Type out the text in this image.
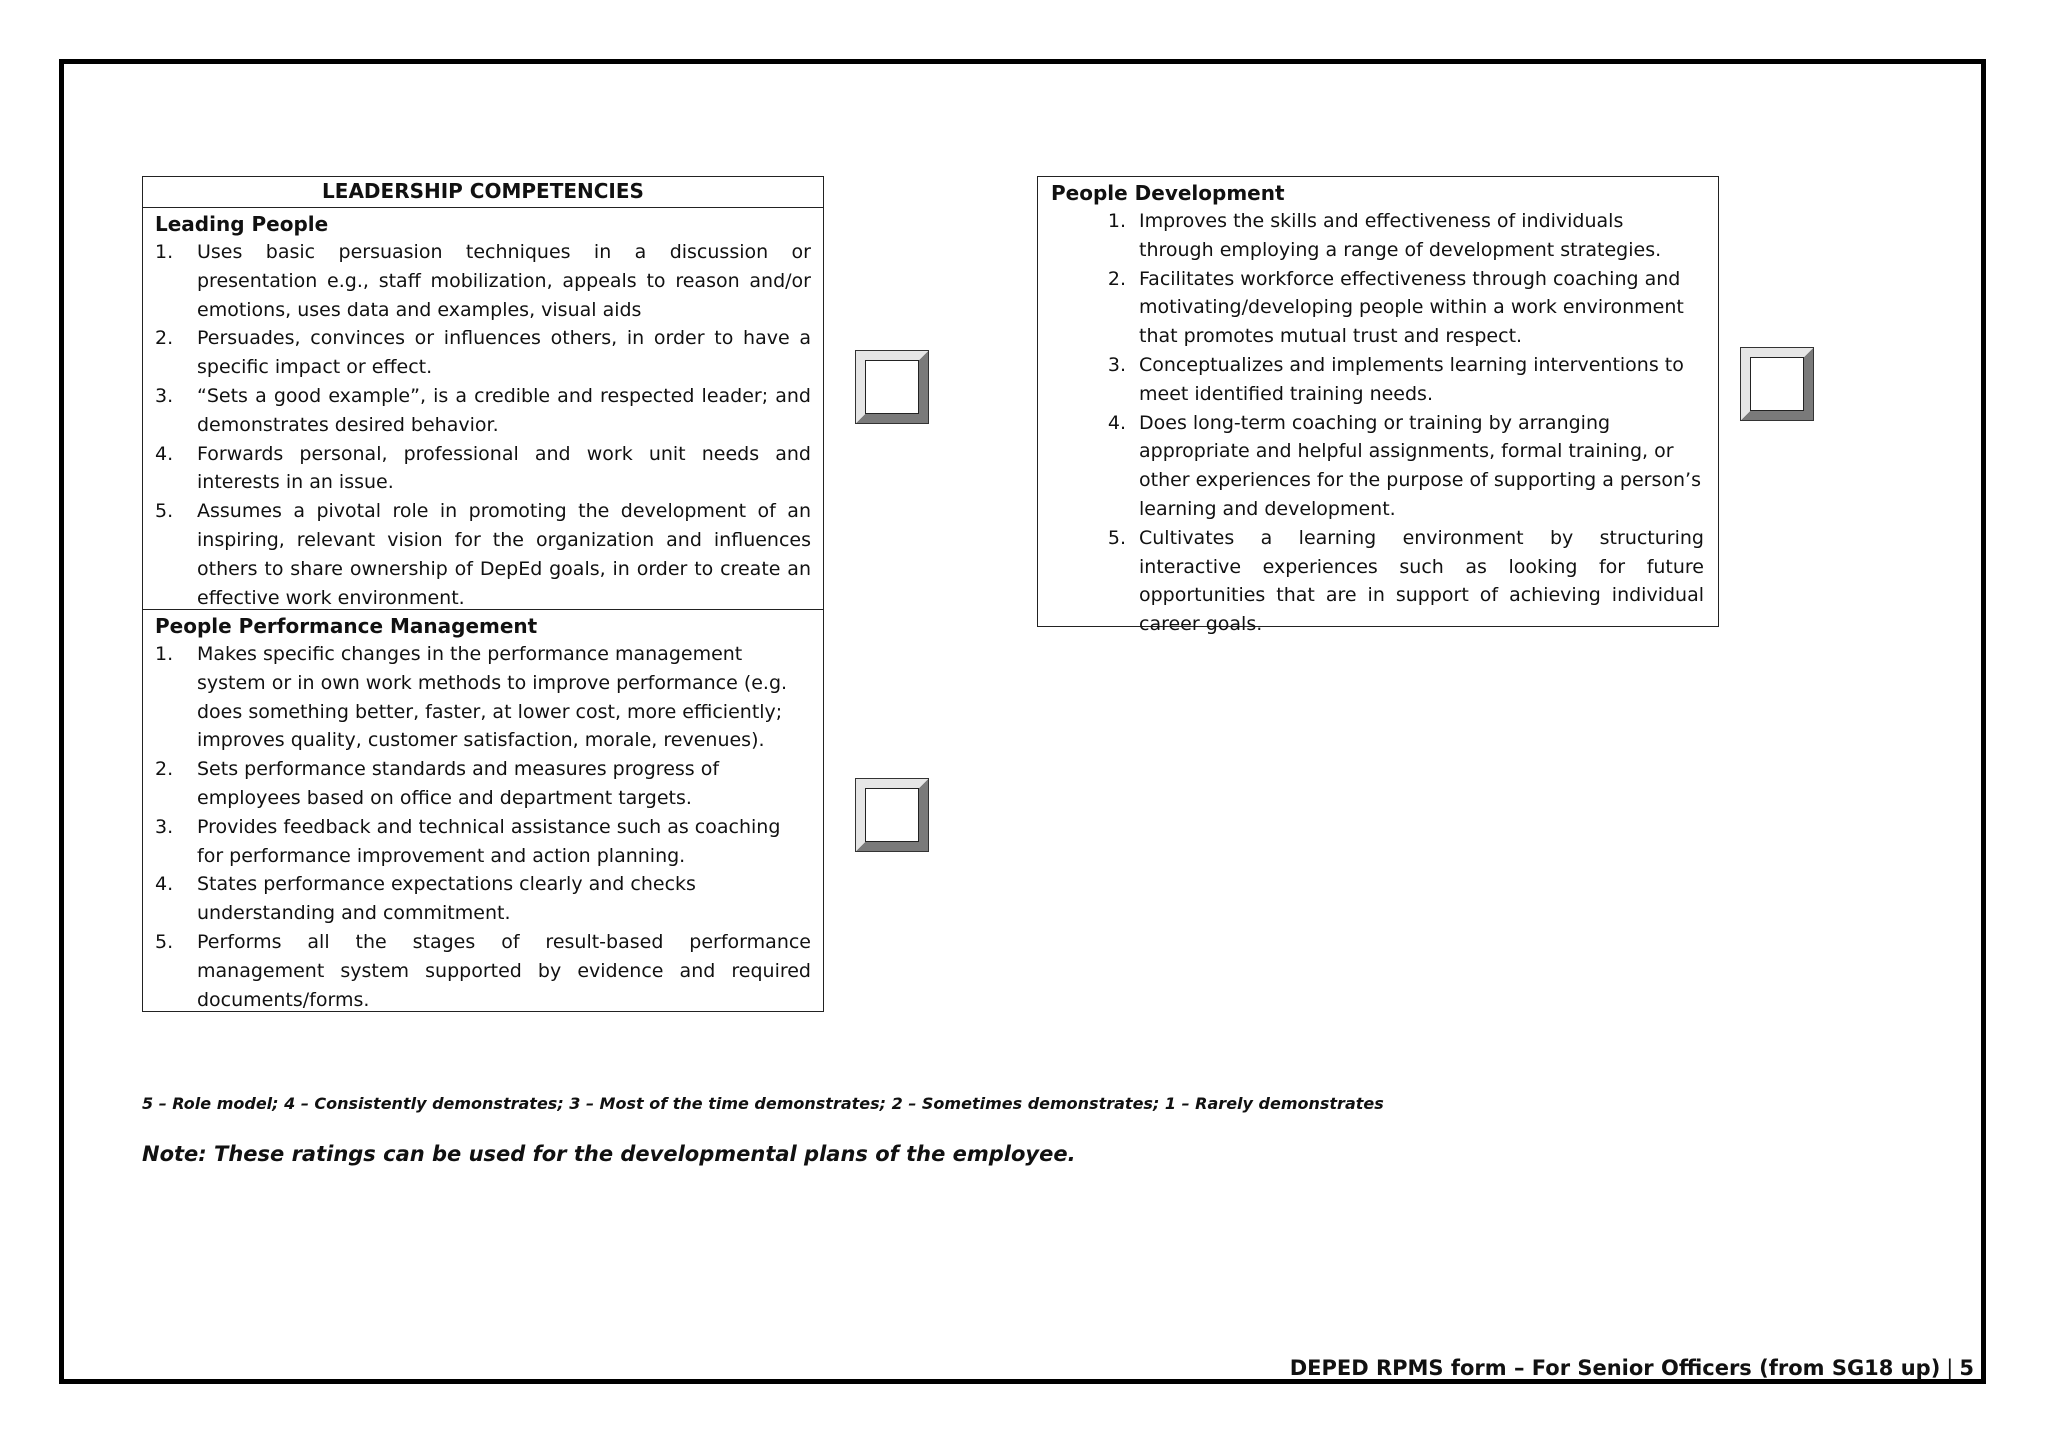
LEADERSHIP COMPETENCIES
Leading People
1.	Uses basic persuasion techniques in a discussion or presentation e.g., staff mobilization, appeals to reason and/or emotions, uses data and examples, visual aids
2.	Persuades, convinces or influences others, in order to have a specific impact or effect.
3.	“Sets a good example”, is a credible and respected leader; and demonstrates desired behavior.
4.	Forwards personal, professional and work unit needs and interests in an issue.
5.	Assumes a pivotal role in promoting the development of an inspiring, relevant vision for the organization and influences others to share ownership of DepEd goals, in order to create an effective work environment.
People Performance Management
1.	Makes specific changes in the performance management system or in own work methods to improve performance (e.g. does something better, faster, at lower cost, more efficiently; improves quality, customer satisfaction, morale, revenues).
2.	Sets performance standards and measures progress of employees based on office and department targets.
3.	Provides feedback and technical assistance such as coaching for performance improvement and action planning.
4.	States performance expectations clearly and checks understanding and commitment.
5.	Performs all the stages of result-based performance management system supported by evidence and required documents/forms.
People Development
1. Improves the skills and effectiveness of individuals through employing a range of development strategies.
2. Facilitates workforce effectiveness through coaching and motivating/developing people within a work environment that promotes mutual trust and respect.
3. Conceptualizes and implements learning interventions to meet identified training needs.
4. Does long-term coaching or training by arranging appropriate and helpful assignments, formal training, or other experiences for the purpose of supporting a person’s learning and development.
5. Cultivates a learning environment by structuring interactive experiences such as looking for future opportunities that are in support of achieving individual career goals.
5 – Role model; 4 – Consistently demonstrates; 3 – Most of the time demonstrates; 2 – Sometimes demonstrates; 1 – Rarely demonstrates
Note: These ratings can be used for the developmental plans of the employee.
DEPED RPMS form – For Senior Officers (from SG18 up) | 5
